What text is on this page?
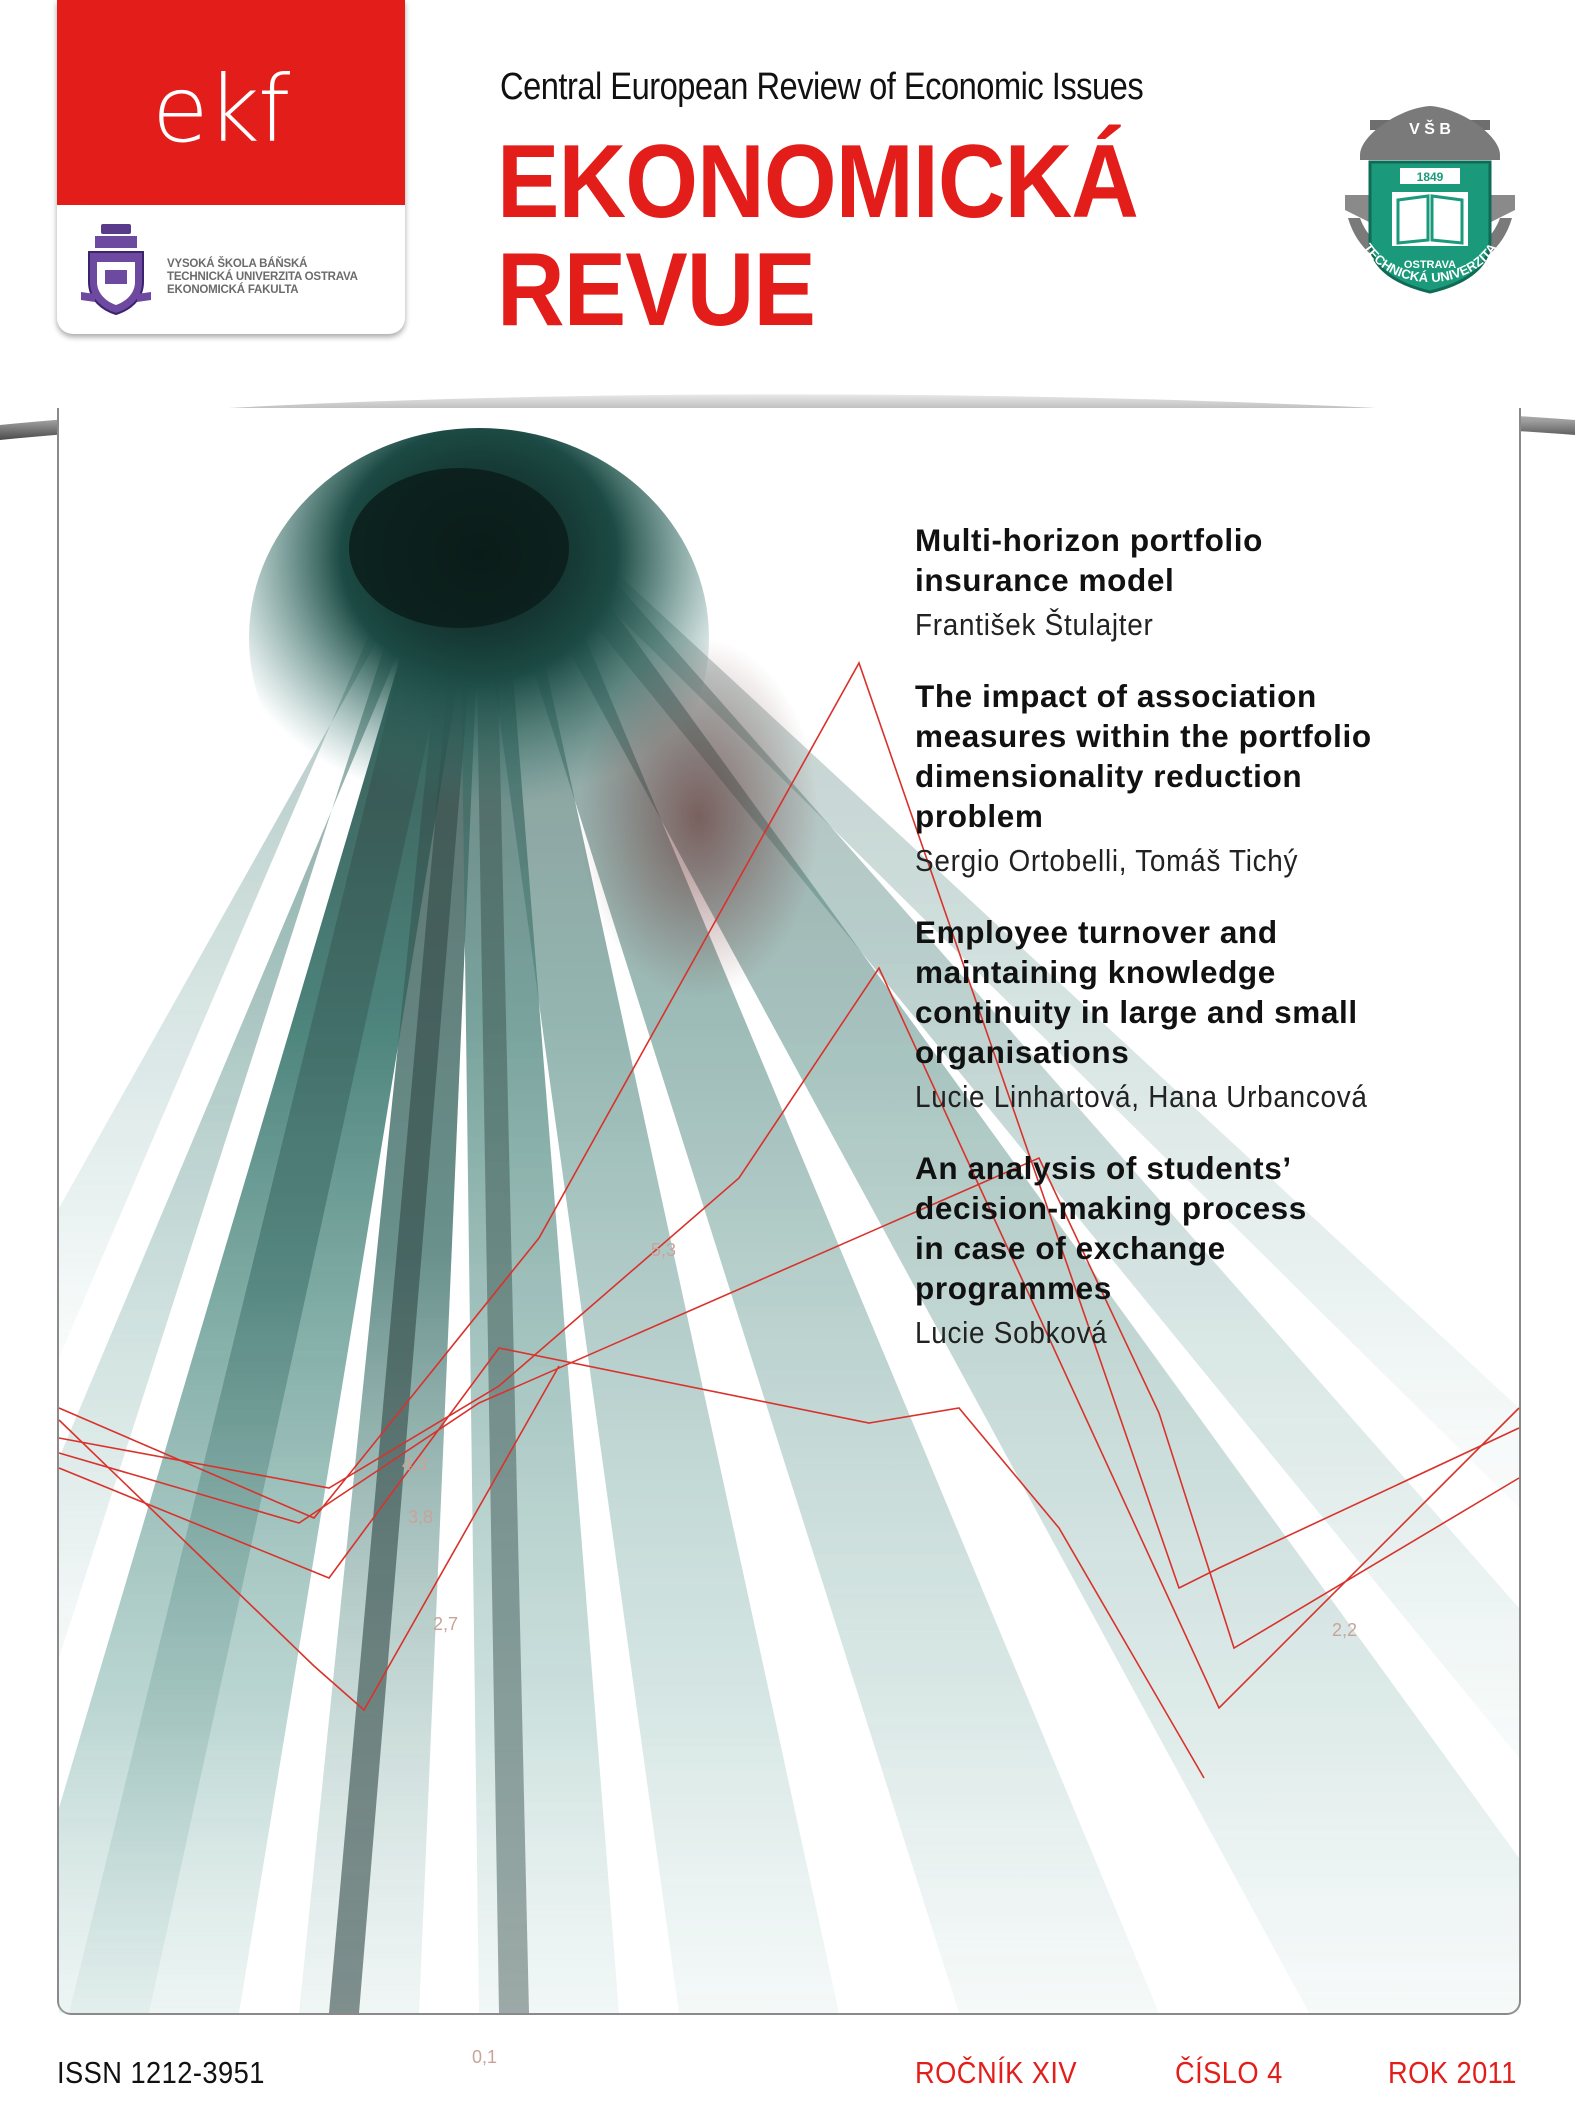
ekf
VYSOKÁ ŠKOLA BÁŇSKÁ
TECHNICKÁ UNIVERZITA OSTRAVA
EKONOMICKÁ FAKULTA
Central European Review of Economic Issues
EKONOMICKÁ
REVUE
V Š B
1849
OSTRAVA
TECHNICKÁ UNIVERZITA
5,3
4,3
3,8
2,7
0,1
2,2
Multi-horizon portfolio
insurance model
František Štulajter
The impact of association
measures within the portfolio
dimensionality reduction
problem
Sergio Ortobelli, Tomáš Tichý
Employee turnover and
maintaining knowledge
continuity in large and small
organisations
Lucie Linhartová, Hana Urbancová
An analysis of students’
decision-making process
in case of exchange
programmes
Lucie Sobková
ISSN 1212-3951	ROČNÍK XIV	ČÍSLO 4	ROK 2011
